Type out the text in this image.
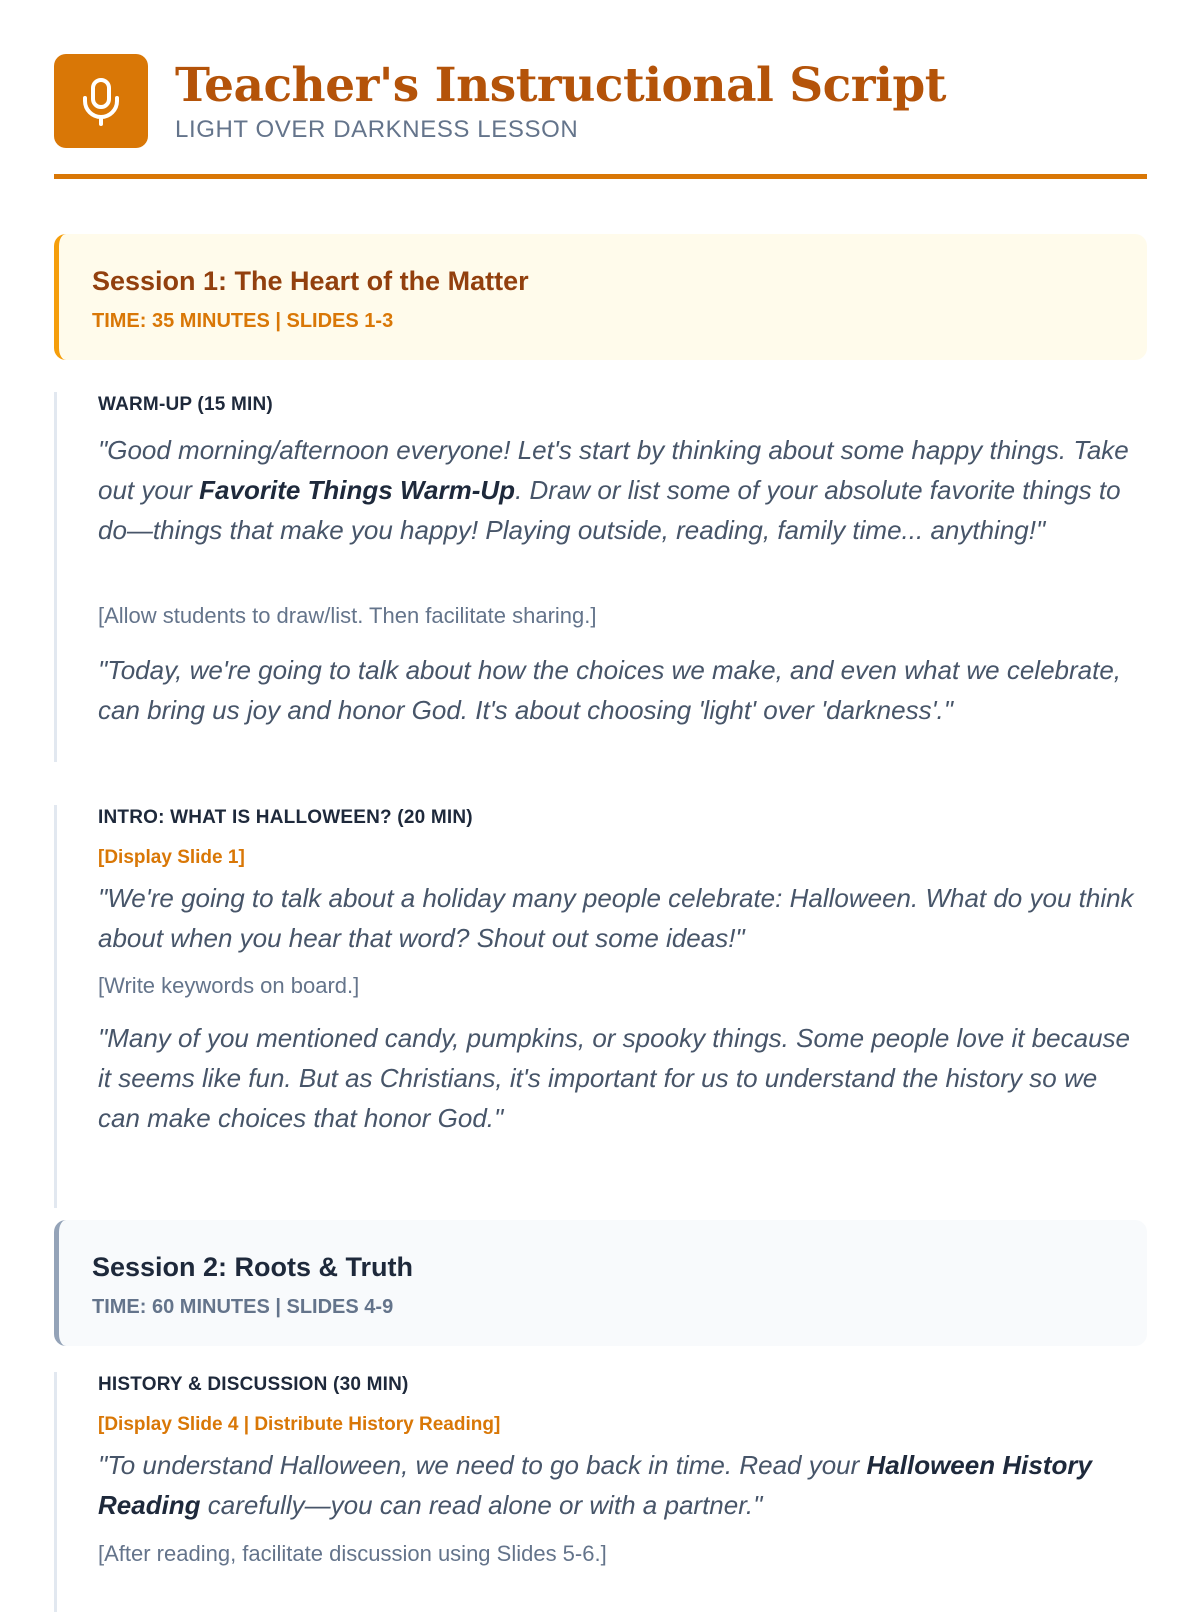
Teacher's Instructional Script
LIGHT OVER DARKNESS LESSON
Session 1: The Heart of the Matter
TIME: 35 MINUTES | SLIDES 1-3
WARM-UP (15 MIN)
"Good morning/afternoon everyone! Let's start by thinking about some happy things. Take out your Favorite Things Warm-Up. Draw or list some of your absolute favorite things to do—things that make you happy! Playing outside, reading, family time... anything!"
[Allow students to draw/list. Then facilitate sharing.]
"Today, we're going to talk about how the choices we make, and even what we celebrate, can bring us joy and honor God. It's about choosing 'light' over 'darkness'."
INTRO: WHAT IS HALLOWEEN? (20 MIN)
[Display Slide 1]
"We're going to talk about a holiday many people celebrate: Halloween. What do you think about when you hear that word? Shout out some ideas!"
[Write keywords on board.]
"Many of you mentioned candy, pumpkins, or spooky things. Some people love it because it seems like fun. But as Christians, it's important for us to understand the history so we can make choices that honor God."
Session 2: Roots & Truth
TIME: 60 MINUTES | SLIDES 4-9
HISTORY & DISCUSSION (30 MIN)
[Display Slide 4 | Distribute History Reading]
"To understand Halloween, we need to go back in time. Read your Halloween History Reading carefully—you can read alone or with a partner."
[After reading, facilitate discussion using Slides 5-6.]
